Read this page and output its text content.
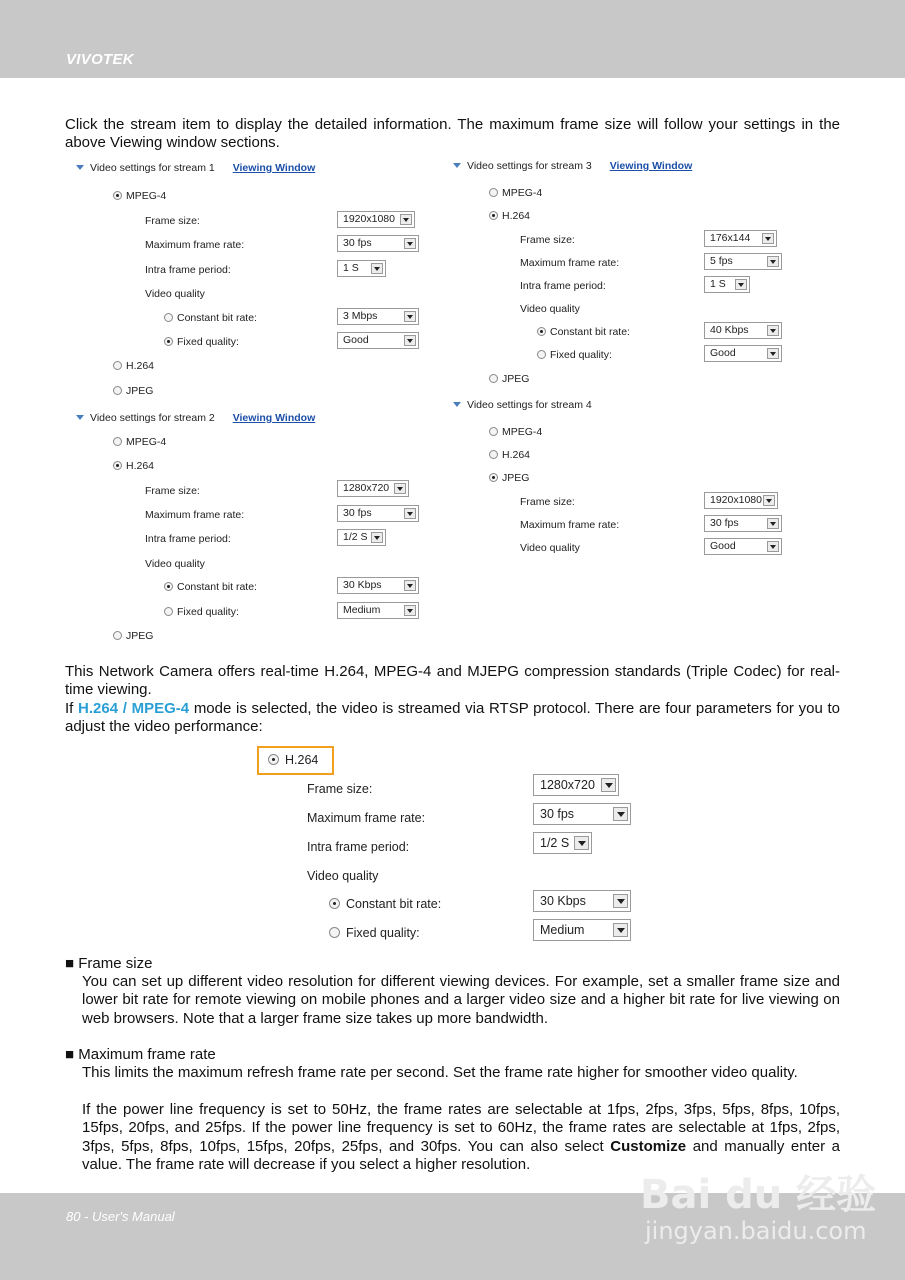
VIVOTEK
Click the stream item to display the detailed information. The maximum frame size will follow your settings in the above Viewing window sections.
Video settings for stream 1 Viewing Window
MPEG-4
Frame size:	1920x1080
Maximum frame rate:	30 fps
Intra frame period:	1 S
Video quality
Constant bit rate:	3 Mbps
Fixed quality:	Good
H.264
JPEG
Video settings for stream 2 Viewing Window
MPEG-4
H.264
Frame size:	1280x720
Maximum frame rate:	30 fps
Intra frame period:	1/2 S
Video quality
Constant bit rate:	30 Kbps
Fixed quality:	Medium
JPEG
Video settings for stream 3 Viewing Window
MPEG-4
H.264
Frame size:	176x144
Maximum frame rate:	5 fps
Intra frame period:	1 S
Video quality
Constant bit rate:	40 Kbps
Fixed quality:	Good
JPEG
Video settings for stream 4
MPEG-4
H.264
JPEG
Frame size:	1920x1080
Maximum frame rate:	30 fps
Video quality	Good
This Network Camera offers real-time H.264, MPEG-4 and MJEPG compression standards (Triple Codec) for real-time viewing.
If H.264 / MPEG-4 mode is selected, the video is streamed via RTSP protocol. There are four parameters for you to adjust the video performance:
H.264
Frame size:	1280x720
Maximum frame rate:	30 fps
Intra frame period:	1/2 S
Video quality
Constant bit rate:	30 Kbps
Fixed quality:	Medium
■ Frame size
You can set up different video resolution for different viewing devices. For example, set a smaller frame size and lower bit rate for remote viewing on mobile phones and a larger video size and a higher bit rate for live viewing on web browsers. Note that a larger frame size takes up more bandwidth.
■ Maximum frame rate
This limits the maximum refresh frame rate per second. Set the frame rate higher for smoother video quality.
If the power line frequency is set to 50Hz, the frame rates are selectable at 1fps, 2fps, 3fps, 5fps, 8fps, 10fps, 15fps, 20fps, and 25fps. If the power line frequency is set to 60Hz, the frame rates are selectable at 1fps, 2fps, 3fps, 5fps, 8fps, 10fps, 15fps, 20fps, 25fps, and 30fps. You can also select Customize and manually enter a value. The frame rate will decrease if you select a higher resolution.
80 - User's Manual	Bai du 经验
jingyan.baidu.com
